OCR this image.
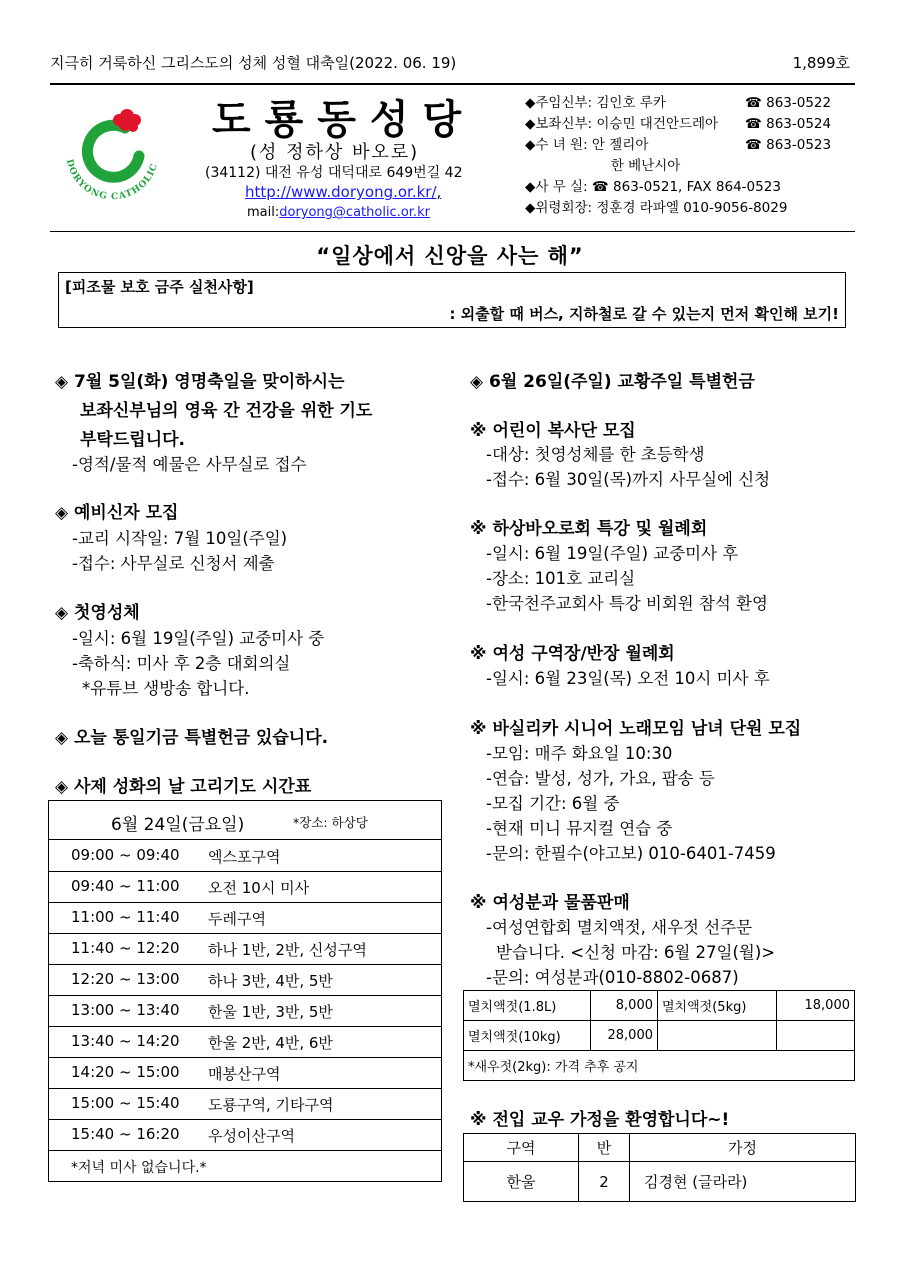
지극히 거룩하신 그리스도의 성체 성혈 대축일(2022. 06. 19)	1,899호
DORYONG CATHOLIC
도룡동성당
(성 정하상 바오로)
(34112) 대전 유성 대덕대로 649번길 42
http://www.doryong.or.kr/,
mail:doryong@catholic.or.kr
◆주임신부: 김인호 루카	☎ 863-0522
◆보좌신부: 이승민 대건안드레아 ☎ 863-0524
◆수 녀 원: 안 젤리아	☎ 863-0523
한 베난시아
◆사 무 실: ☎ 863-0521, FAX 864-0523
◆위령회장: 정훈경 라파엘 010-9056-8029
“일상에서 신앙을 사는 해”
[피조물 보호 금주 실천사항]
: 외출할 때 버스, 지하철로 갈 수 있는지 먼저 확인해 보기!
◈ 7월 5일(화) 영명축일을 맞이하시는
보좌신부님의 영육 간 건강을 위한 기도
부탁드립니다.
-영적/물적 예물은 사무실로 접수
◈ 예비신자 모집
-교리 시작일: 7월 10일(주일)
-접수: 사무실로 신청서 제출
◈ 첫영성체
-일시: 6월 19일(주일) 교중미사 중
-축하식: 미사 후 2층 대회의실
*유튜브 생방송 합니다.
◈ 오늘 통일기금 특별헌금 있습니다.
◈ 사제 성화의 날 고리기도 시간표
6월 24일(금요일)	*장소: 하상당
09:00 ~ 09:40 엑스포구역
09:40 ~ 11:00 오전 10시 미사
11:00 ~ 11:40 두레구역
11:40 ~ 12:20 하나 1반, 2반, 신성구역
12:20 ~ 13:00 하나 3반, 4반, 5반
13:00 ~ 13:40 한울 1반, 3반, 5반
13:40 ~ 14:20 한울 2반, 4반, 6반
14:20 ~ 15:00 매봉산구역
15:00 ~ 15:40 도룡구역, 기타구역
15:40 ~ 16:20 우성이산구역
*저녁 미사 없습니다.*
◈ 6월 26일(주일) 교황주일 특별헌금
※ 어린이 복사단 모집
-대상: 첫영성체를 한 초등학생
-접수: 6월 30일(목)까지 사무실에 신청
※ 하상바오로회 특강 및 월례회
-일시: 6월 19일(주일) 교중미사 후
-장소: 101호 교리실
-한국천주교회사 특강 비회원 참석 환영
※ 여성 구역장/반장 월례회
-일시: 6월 23일(목) 오전 10시 미사 후
※ 바실리카 시니어 노래모임 남녀 단원 모집
-모임: 매주 화요일 10:30
-연습: 발성, 성가, 가요, 팝송 등
-모집 기간: 6월 중
-현재 미니 뮤지컬 연습 중
-문의: 한필수(야고보) 010-6401-7459
※ 여성분과 물품판매
-여성연합회 멸치액젓, 새우젓 선주문
받습니다. <신청 마감: 6월 27일(월)>
-문의: 여성분과(010-8802-0687)
멸치액젓(1.8L)	8,000	멸치액젓(5kg)	18,000
멸치액젓(10kg)	28,000		
*새우젓(2kg): 가격 추후 공지			
※ 전입 교우 가정을 환영합니다~!
구역	반	가정
한울	2	김경현 (글라라)
